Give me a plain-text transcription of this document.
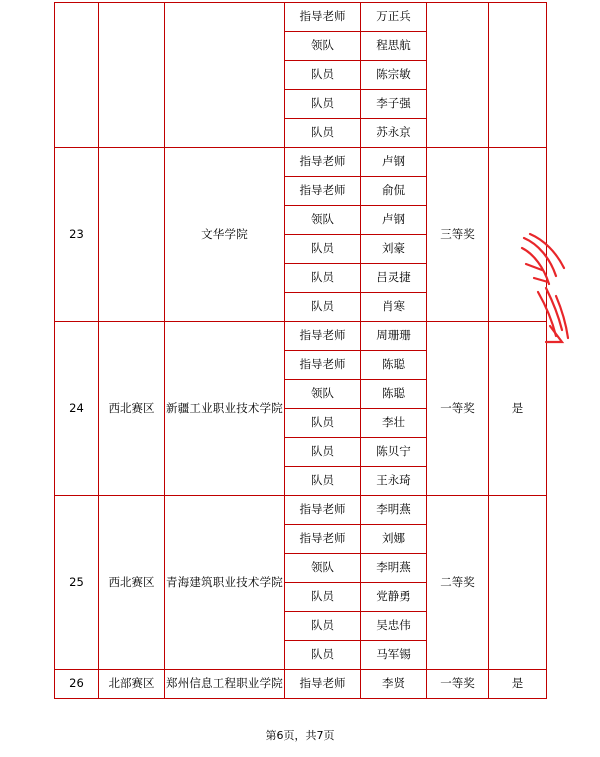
			指导老师	万正兵		
			领队	程思航		
			队员	陈宗敏		
			队员	李子强		
			队员	苏永京		
23		文华学院	指导老师	卢钢	三等奖	
			指导老师	俞侃		
			领队	卢钢		
			队员	刘豪		
			队员	吕灵捷		
			队员	肖寒		
24	西北赛区	新疆工业职业技术学院	指导老师	周珊珊	一等奖	是
			指导老师	陈聪		
			领队	陈聪		
			队员	李壮		
			队员	陈贝宁		
			队员	王永琦		
25	西北赛区	青海建筑职业技术学院	指导老师	李明燕	二等奖	
			指导老师	刘娜		
			领队	李明燕		
			队员	党静勇		
			队员	吴忠伟		
			队员	马军锡		
26	北部赛区	郑州信息工程职业学院	指导老师	李贤	一等奖	是
第6页，共7页
